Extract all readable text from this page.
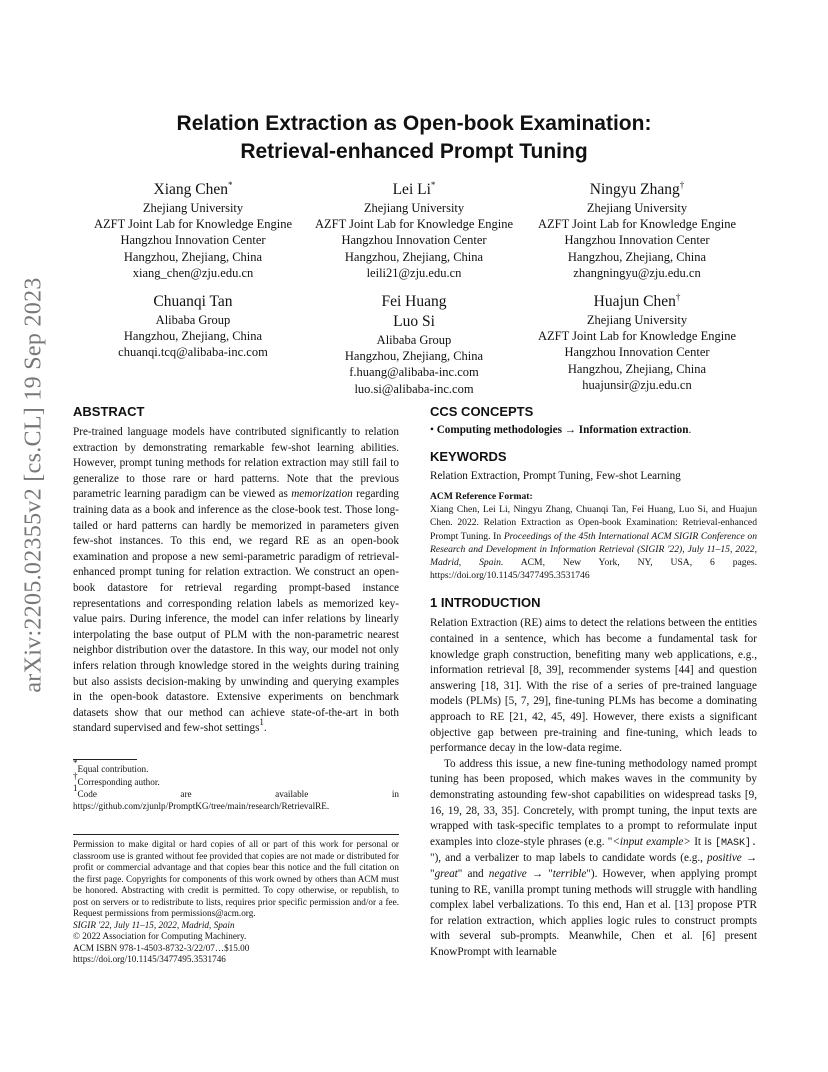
arXiv:2205.02355v2 [cs.CL] 19 Sep 2023
Relation Extraction as Open-book Examination:
Retrieval-enhanced Prompt Tuning
Xiang Chen*
Zhejiang University
AZFT Joint Lab for Knowledge Engine
Hangzhou Innovation Center
Hangzhou, Zhejiang, China
xiang_chen@zju.edu.cn
Lei Li*
Zhejiang University
AZFT Joint Lab for Knowledge Engine
Hangzhou Innovation Center
Hangzhou, Zhejiang, China
leili21@zju.edu.cn
Ningyu Zhang†
Zhejiang University
AZFT Joint Lab for Knowledge Engine
Hangzhou Innovation Center
Hangzhou, Zhejiang, China
zhangningyu@zju.edu.cn
Chuanqi Tan
Alibaba Group
Hangzhou, Zhejiang, China
chuanqi.tcq@alibaba-inc.com
Fei Huang
Luo Si
Alibaba Group
Hangzhou, Zhejiang, China
f.huang@alibaba-inc.com
luo.si@alibaba-inc.com
Huajun Chen†
Zhejiang University
AZFT Joint Lab for Knowledge Engine
Hangzhou Innovation Center
Hangzhou, Zhejiang, China
huajunsir@zju.edu.cn
ABSTRACT

Pre-trained language models have contributed significantly to relation extraction by demonstrating remarkable few-shot learning abilities. However, prompt tuning methods for relation extraction may still fail to generalize to those rare or hard patterns. Note that the previous parametric learning paradigm can be viewed as memorization regarding training data as a book and inference as the close-book test. Those long-tailed or hard patterns can hardly be memorized in parameters given few-shot instances. To this end, we regard RE as an open-book examination and propose a new semi-parametric paradigm of retrieval-enhanced prompt tuning for relation extraction. We construct an open-book datastore for retrieval regarding prompt-based instance representations and corresponding relation labels as memorized key-value pairs. During inference, the model can infer relations by linearly interpolating the base output of PLM with the non-parametric nearest neighbor distribution over the datastore. In this way, our model not only infers relation through knowledge stored in the weights during training but also assists decision-making by unwinding and querying examples in the open-book datastore. Extensive experiments on benchmark datasets show that our method can achieve state-of-the-art in both standard supervised and few-shot settings$^1$.

*Equal contribution.
†Corresponding author.

1Code are available in https://github.com/zjunlp/PromptKG/tree/main/research/RetrievalRE.

Permission to make digital or hard copies of all or part of this work for personal or classroom use is granted without fee provided that copies are not made or distributed for profit or commercial advantage and that copies bear this notice and the full citation on the first page. Copyrights for components of this work owned by others than ACM must be honored. Abstracting with credit is permitted. To copy otherwise, or republish, to post on servers or to redistribute to lists, requires prior specific permission and/or a fee. Request permissions from permissions@acm.org.

SIGIR '22, July 11–15, 2022, Madrid, Spain
© 2022 Association for Computing Machinery.
ACM ISBN 978-1-4503-8732-3/22/07…$15.00
https://doi.org/10.1145/3477495.3531746
CCS CONCEPTS
• Computing methodologies → Information extraction.
KEYWORDS
Relation Extraction, Prompt Tuning, Few-shot Learning
ACM Reference Format:

Xiang Chen, Lei Li, Ningyu Zhang, Chuanqi Tan, Fei Huang, Luo Si, and Huajun Chen. 2022. Relation Extraction as Open-book Examination: Retrieval-enhanced Prompt Tuning. In Proceedings of the 45th International ACM SIGIR Conference on Research and Development in Information Retrieval (SIGIR '22), July 11–15, 2022, Madrid, Spain. ACM, New York, NY, USA, 6 pages. https://doi.org/10.1145/3477495.3531746

1 INTRODUCTION

Relation Extraction (RE) aims to detect the relations between the entities contained in a sentence, which has become a fundamental task for knowledge graph construction, benefiting many web applications, e.g., information retrieval [8, 39], recommender systems [44] and question answering [18, 31]. With the rise of a series of pre-trained language models (PLMs) [5, 7, 29], fine-tuning PLMs has become a dominating approach to RE [21, 42, 45, 49]. However, there exists a significant objective gap between pre-training and fine-tuning, which leads to performance decay in the low-data regime.

To address this issue, a new fine-tuning methodology named prompt tuning has been proposed, which makes waves in the community by demonstrating astounding few-shot capabilities on widespread tasks [9, 16, 19, 28, 33, 35]. Concretely, with prompt tuning, the input texts are wrapped with task-specific templates to a prompt to reformulate input examples into cloze-style phrases (e.g. "<input example> It is [MASK]. "), and a verbalizer to map labels to candidate words (e.g., positive → "great" and negative → "terrible"). However, when applying prompt tuning to RE, vanilla prompt tuning methods will struggle with handling complex label verbalizations. To this end, Han et al. [13] propose PTR for relation extraction, which applies logic rules to construct prompts with several sub-prompts. Meanwhile, Chen et al. [6] present KnowPrompt with learnable
